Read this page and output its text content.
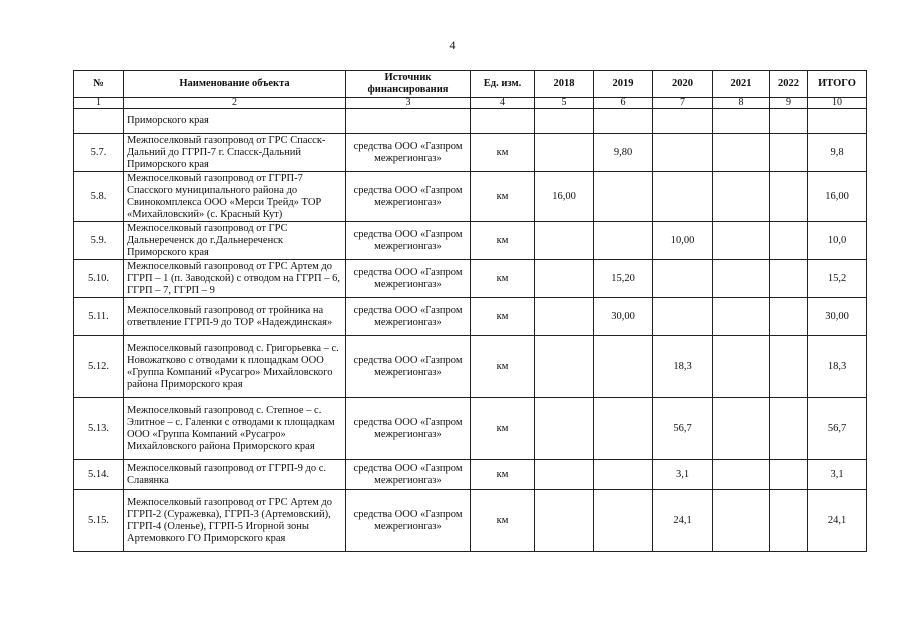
4
№	Наименование объекта	Источник финансирования	Ед. изм.	2018	2019	2020	2021	2022	ИТОГО
1	2	3	4	5	6	7	8	9	10
	Приморского края								
5.7.	Межпоселковый газопровод от ГРС Спасск-Дальний до ГГРП-7 г. Спасск-Дальний Приморского края	средства ООО «Газпром межрегионгаз»	км		9,80				9,8
5.8.	Межпоселковый газопровод от ГГРП-7 Спасского муниципального района до Свинокомплекса ООО «Мерси Трейд» ТОР «Михайловский» (с. Красный Кут)	средства ООО «Газпром межрегионгаз»	км	16,00					16,00
5.9.	Межпоселковый газопровод от ГРС Дальнереченск до г.Дальнереченск Приморского края	средства ООО «Газпром межрегионгаз»	км			10,00			10,0
5.10.	Межпоселковый газопровод от ГРС Артем до ГГРП – 1 (п. Заводской) с отводом на ГГРП – 6, ГГРП – 7, ГГРП – 9	средства ООО «Газпром межрегионгаз»	км		15,20				15,2
5.11.	Межпоселковый газопровод от тройника на ответвление ГГРП-9 до ТОР «Надеждинская»	средства ООО «Газпром межрегионгаз»	км		30,00				30,00
5.12.	Межпоселковый газопровод с. Григорьевка – с. Новожатково с отводами к площадкам ООО «Группа Компаний «Русагро» Михайловского района Приморского края	средства ООО «Газпром межрегионгаз»	км			18,3			18,3
5.13.	Межпоселковый газопровод с. Степное – с. Элитное – с. Галенки с отводами к площадкам ООО «Группа Компаний «Русагро» Михайловского района Приморского края	средства ООО «Газпром межрегионгаз»	км			56,7			56,7
5.14.	Межпоселковый газопровод от ГГРП-9 до с. Славянка	средства ООО «Газпром межрегионгаз»	км			3,1			3,1
5.15.	Межпоселковый газопровод от ГРС Артем до ГГРП-2 (Суражевка), ГГРП-3 (Артемовский), ГГРП-4 (Оленье), ГГРП-5 Игорной зоны Артемовкого ГО Приморского края	средства ООО «Газпром межрегионгаз»	км			24,1			24,1
